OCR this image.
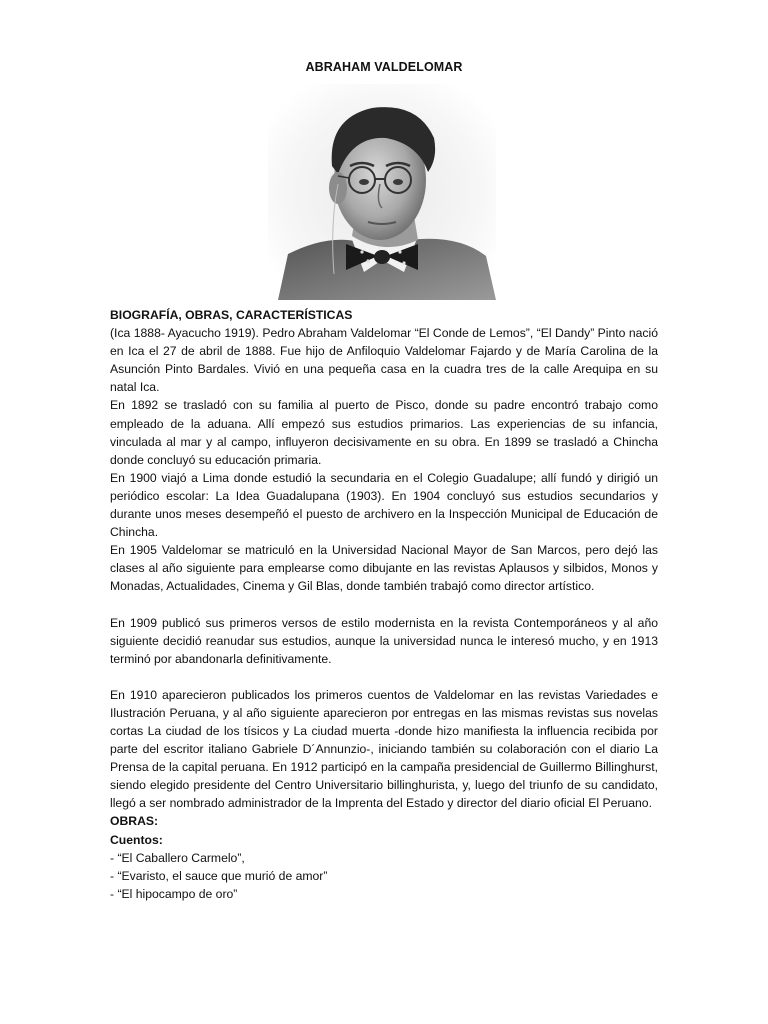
ABRAHAM VALDELOMAR

BIOGRAFÍA, OBRAS, CARACTERÍSTICAS

(Ica 1888- Ayacucho 1919). Pedro Abraham Valdelomar “El Conde de Lemos”, “El Dandy” Pinto nació en Ica el 27 de abril de 1888. Fue hijo de Anfiloquio Valdelomar Fajardo y de María Carolina de la Asunción Pinto Bardales. Vivió en una pequeña casa en la cuadra tres de la calle Arequipa en su natal Ica.

En 1892 se trasladó con su familia al puerto de Pisco, donde su padre encontró trabajo como empleado de la aduana. Allí empezó sus estudios primarios. Las experiencias de su infancia, vinculada al mar y al campo, influyeron decisivamente en su obra. En 1899 se trasladó a Chincha donde concluyó su educación primaria.

En 1900 viajó a Lima donde estudió la secundaria en el Colegio Guadalupe; allí fundó y dirigió un periódico escolar: La Idea Guadalupana (1903). En 1904 concluyó sus estudios secundarios y durante unos meses desempeñó el puesto de archivero en la Inspección Municipal de Educación de Chincha.

En 1905 Valdelomar se matriculó en la Universidad Nacional Mayor de San Marcos, pero dejó las clases al año siguiente para emplearse como dibujante en las revistas Aplausos y silbidos, Monos y Monadas, Actualidades, Cinema y Gil Blas, donde también trabajó como director artístico.

En 1909 publicó sus primeros versos de estilo modernista en la revista Contemporáneos y al año siguiente decidió reanudar sus estudios, aunque la universidad nunca le interesó mucho, y en 1913 terminó por abandonarla definitivamente.

En 1910 aparecieron publicados los primeros cuentos de Valdelomar en las revistas Variedades e Ilustración Peruana, y al año siguiente aparecieron por entregas en las mismas revistas sus novelas cortas La ciudad de los tísicos y La ciudad muerta -donde hizo manifiesta la influencia recibida por parte del escritor italiano Gabriele D´Annunzio-, iniciando también su colaboración con el diario La Prensa de la capital peruana. En 1912 participó en la campaña presidencial de Guillermo Billinghurst, siendo elegido presidente del Centro Universitario billinghurista, y, luego del triunfo de su candidato, llegó a ser nombrado administrador de la Imprenta del Estado y director del diario oficial El Peruano.

OBRAS:

Cuentos:

- “El Caballero Carmelo”,

- “Evaristo, el sauce que murió de amor”

- “El hipocampo de oro”
